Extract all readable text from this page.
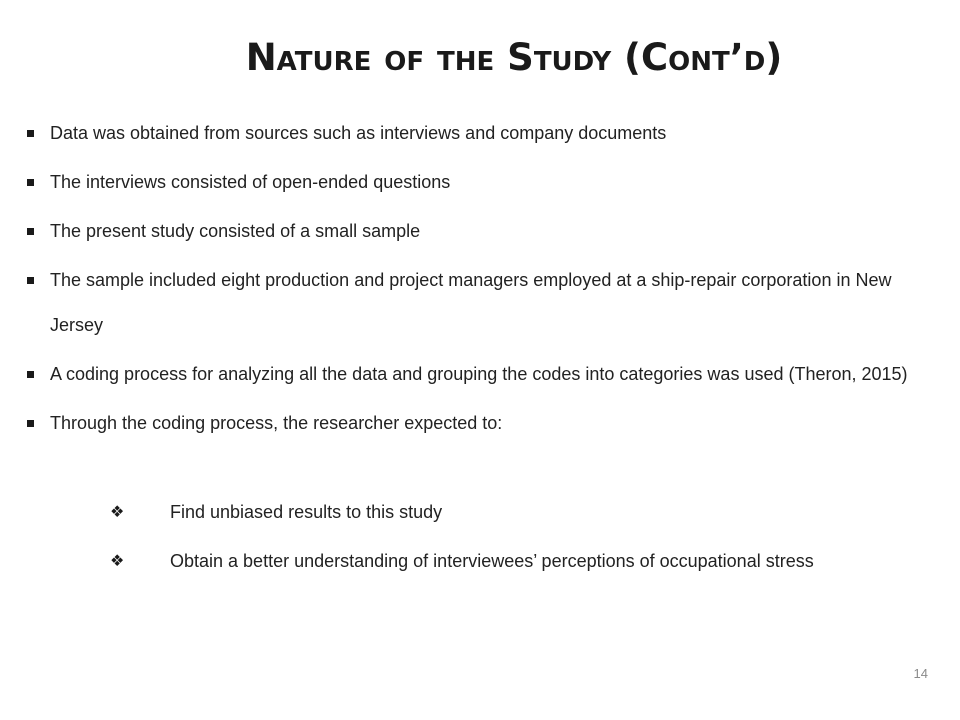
Nature of the Study (Cont’d)
Data was obtained from sources such as interviews and company documents
The interviews consisted of open-ended questions
The present study consisted of a small sample
The sample included eight production and project managers employed at a ship-repair corporation in New Jersey
A coding process for analyzing all the data and grouping the codes into categories was used (Theron, 2015)
Through the coding process, the researcher expected to:
❖	Find unbiased results to this study
❖	Obtain a better understanding of interviewees’ perceptions of occupational stress
14
